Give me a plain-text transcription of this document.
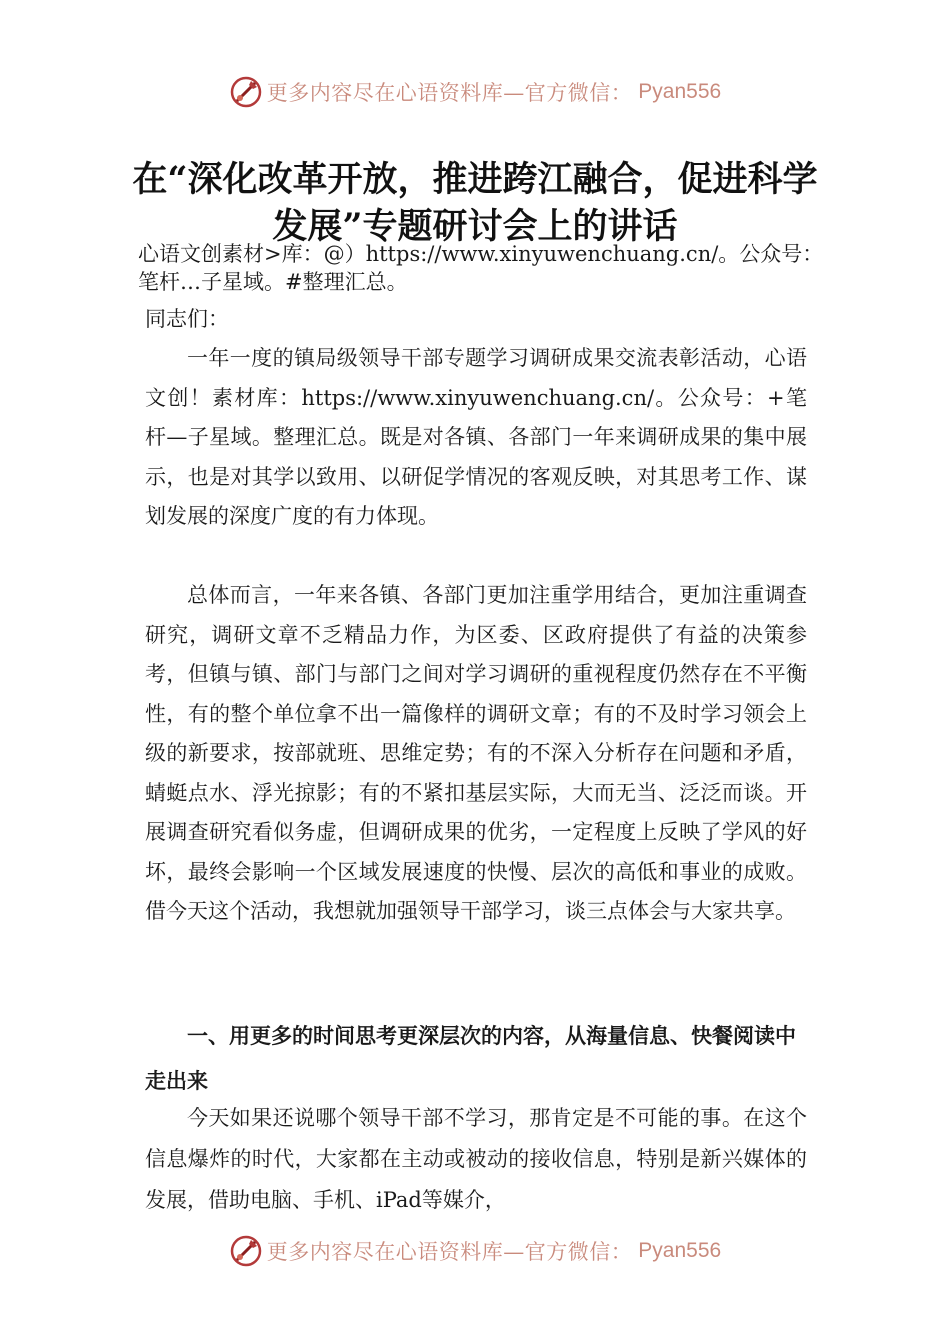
更多内容尽在心语资料库—官方微信： Pyan556
在“深化改革开放，推进跨江融合，促进科学发展”专题研讨会上的讲话

心语文创素材>库：@）https://www.xinyuwenchuang.cn/。公众号：笔杆…子星域。#整理汇总。

同志们：

一年一度的镇局级领导干部专题学习调研成果交流表彰活动，心语文创！素材库：https://www.xinyuwenchuang.cn/。公众号：+笔杆—子星域。整理汇总。既是对各镇、各部门一年来调研成果的集中展示，也是对其学以致用、以研促学情况的客观反映，对其思考工作、谋划发展的深度广度的有力体现。

总体而言，一年来各镇、各部门更加注重学用结合，更加注重调查研究，调研文章不乏精品力作，为区委、区政府提供了有益的决策参考，但镇与镇、部门与部门之间对学习调研的重视程度仍然存在不平衡性，有的整个单位拿不出一篇像样的调研文章；有的不及时学习领会上级的新要求，按部就班、思维定势；有的不深入分析存在问题和矛盾，蜻蜓点水、浮光掠影；有的不紧扣基层实际，大而无当、泛泛而谈。开展调查研究看似务虚，但调研成果的优劣，一定程度上反映了学风的好坏，最终会影响一个区域发展速度的快慢、层次的高低和事业的成败。借今天这个活动，我想就加强领导干部学习，谈三点体会与大家共享。

一、用更多的时间思考更深层次的内容，从海量信息、快餐阅读中走出来

今天如果还说哪个领导干部不学习，那肯定是不可能的事。在这个信息爆炸的时代，大家都在主动或被动的接收信息，特别是新兴媒体的发展，借助电脑、手机、iPad等媒介，

更多内容尽在心语资料库—官方微信： Pyan556
